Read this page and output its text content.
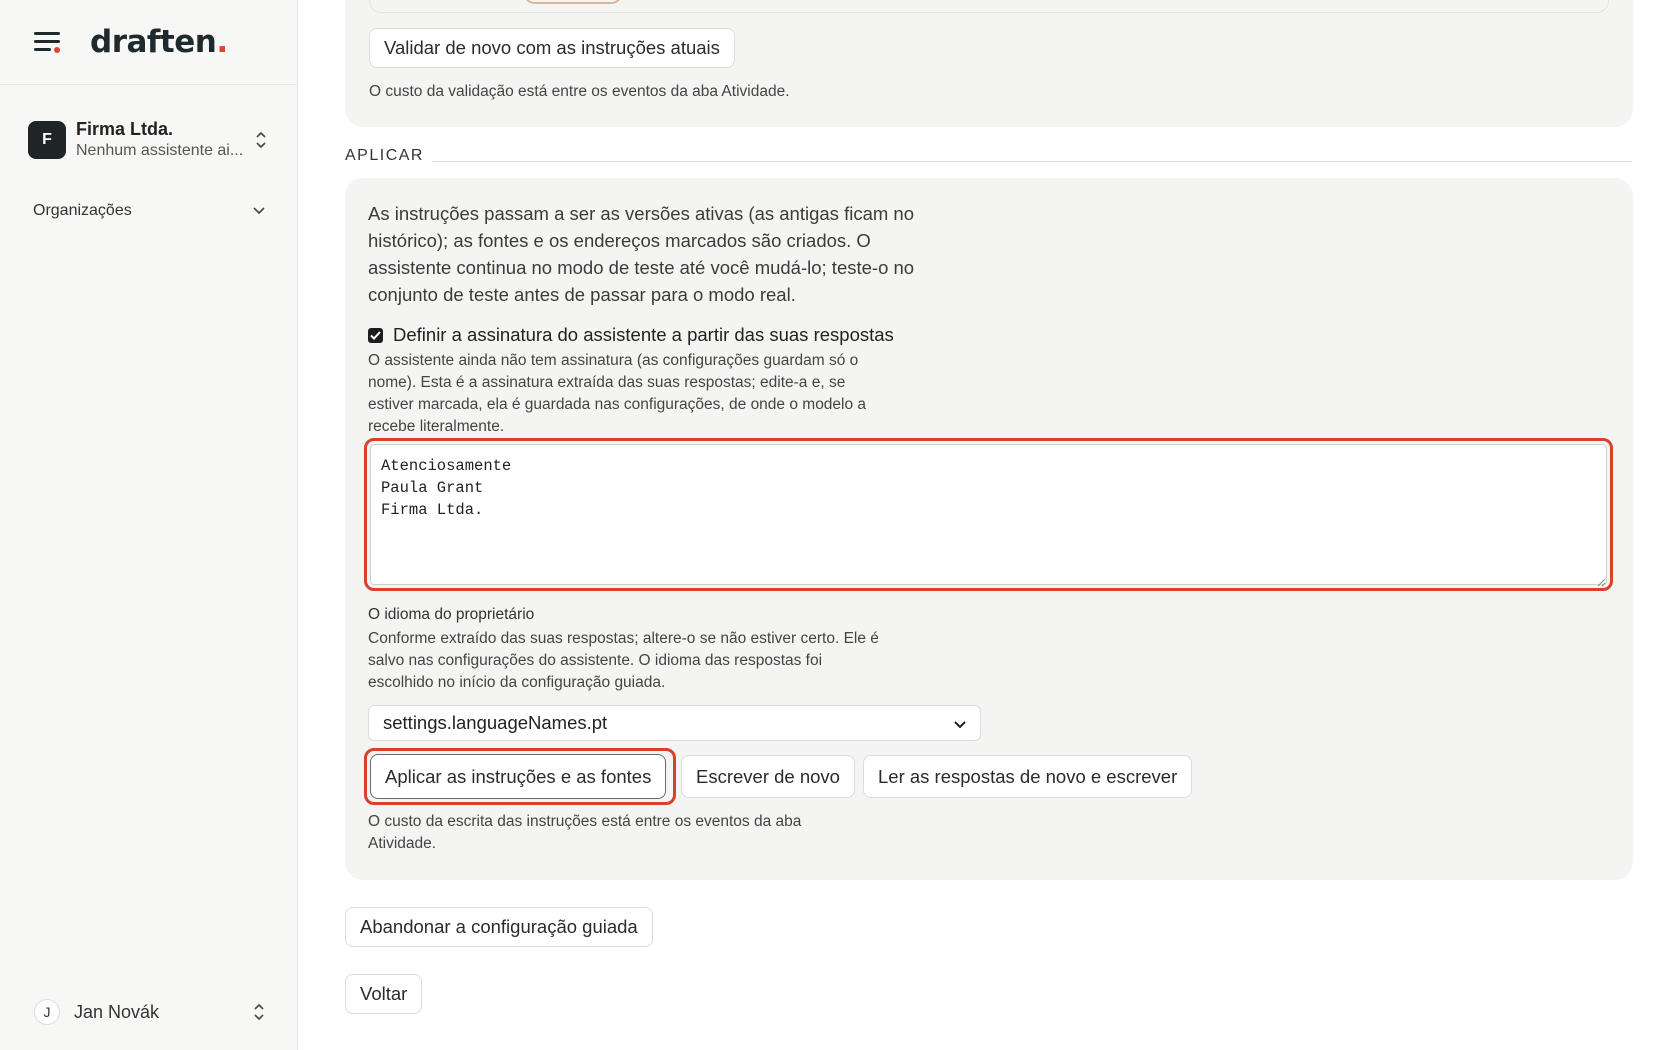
draften.
F
Firma Ltda.
Nenhum assistente ai...
Organizações
J	Jan Novák
Validar de novo com as instruções atuais
O custo da validação está entre os eventos da aba Atividade.
APLICAR

As instruções passam a ser as versões ativas (as antigas ficam no histórico); as fontes e os endereços marcados são criados. O assistente continua no modo de teste até você mudá-lo; teste-o no conjunto de teste antes de passar para o modo real.

Definir a assinatura do assistente a partir das suas respostas

O assistente ainda não tem assinatura (as configurações guardam só o nome). Esta é a assinatura extraída das suas respostas; edite-a e, se estiver marcada, ela é guardada nas configurações, de onde o modelo a recebe literalmente.

Atenciosamente Paula Grant Firma Ltda.
O idioma do proprietário

Conforme extraído das suas respostas; altere-o se não estiver certo. Ele é salvo nas configurações do assistente. O idioma das respostas foi escolhido no início da configuração guiada.

settings.languageNames.pt
Aplicar as instruções e as fontes	Escrever de novo	Ler as respostas de novo e escrever

O custo da escrita das instruções está entre os eventos da aba Atividade.

Abandonar a configuração guiada
Voltar
